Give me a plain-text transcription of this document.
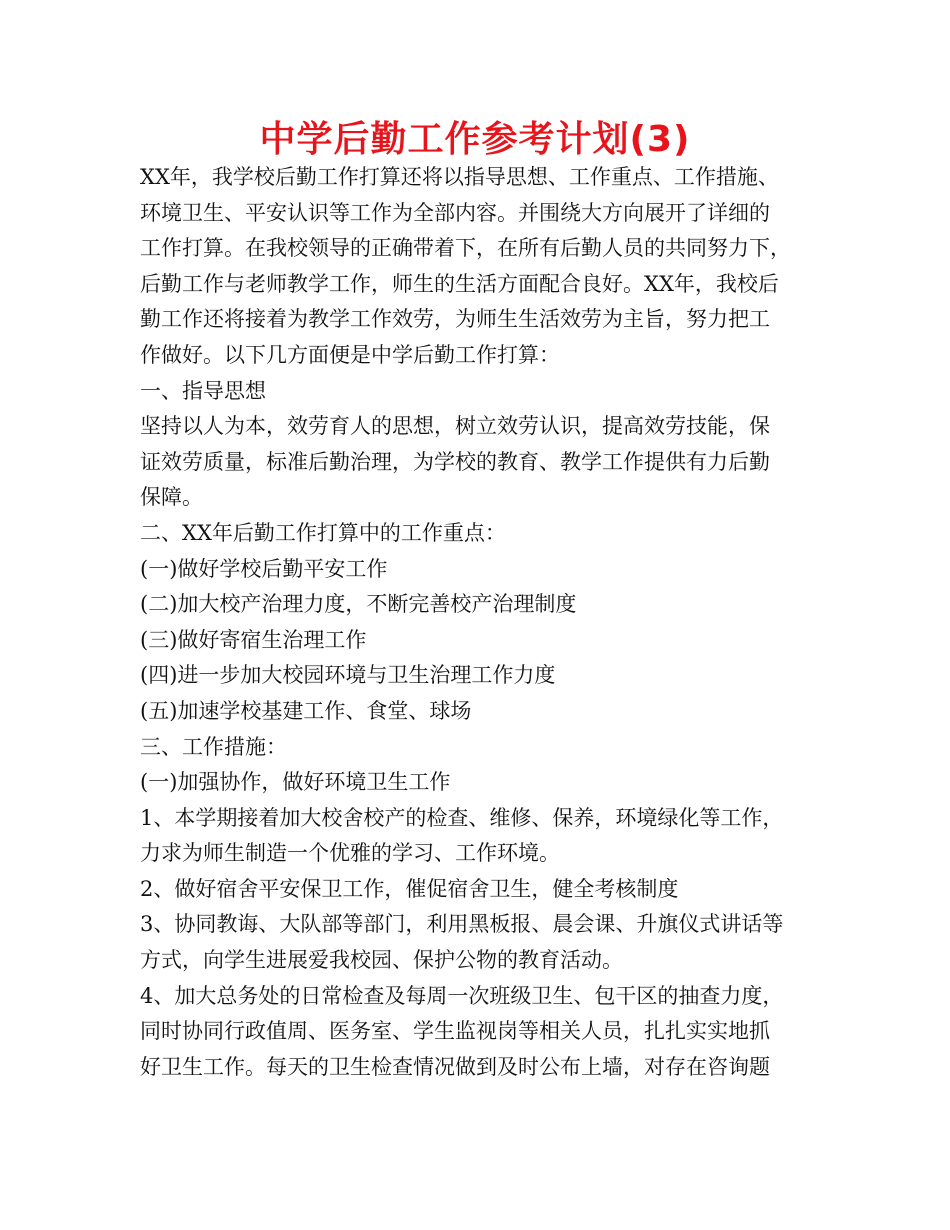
中学后勤工作参考计划(3)
XX年，我学校后勤工作打算还将以指导思想、工作重点、工作措施、
环境卫生、平安认识等工作为全部内容。并围绕大方向展开了详细的
工作打算。在我校领导的正确带着下，在所有后勤人员的共同努力下，
后勤工作与老师教学工作，师生的生活方面配合良好。XX年，我校后
勤工作还将接着为教学工作效劳，为师生生活效劳为主旨，努力把工
作做好。以下几方面便是中学后勤工作打算：
一、指导思想
坚持以人为本，效劳育人的思想，树立效劳认识，提高效劳技能，保
证效劳质量，标准后勤治理，为学校的教育、教学工作提供有力后勤
保障。
二、XX年后勤工作打算中的工作重点：
(一)做好学校后勤平安工作
(二)加大校产治理力度，不断完善校产治理制度
(三)做好寄宿生治理工作
(四)进一步加大校园环境与卫生治理工作力度
(五)加速学校基建工作、食堂、球场
三、工作措施：
(一)加强协作，做好环境卫生工作
1、本学期接着加大校舍校产的检查、维修、保养，环境绿化等工作，
力求为师生制造一个优雅的学习、工作环境。
2、做好宿舍平安保卫工作，催促宿舍卫生，健全考核制度
3、协同教诲、大队部等部门，利用黑板报、晨会课、升旗仪式讲话等
方式，向学生进展爱我校园、保护公物的教育活动。
4、加大总务处的日常检查及每周一次班级卫生、包干区的抽查力度，
同时协同行政值周、医务室、学生监视岗等相关人员，扎扎实实地抓
好卫生工作。每天的卫生检查情况做到及时公布上墙，对存在咨询题
